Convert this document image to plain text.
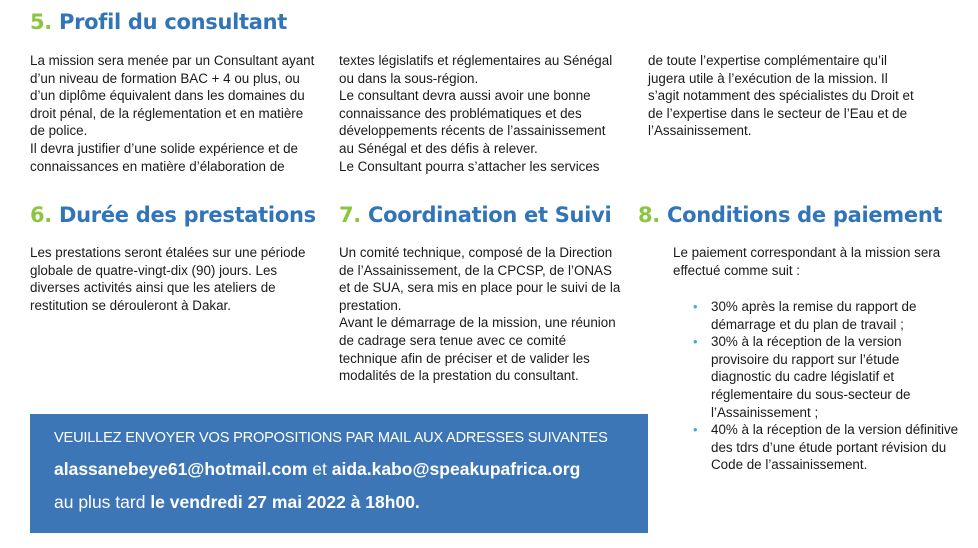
5. Profil du consultant

La mission sera menée par un Consultant ayant
d’un niveau de formation BAC + 4 ou plus, ou
d’un diplôme équivalent dans les domaines du
droit pénal, de la réglementation et en matière
de police.
Il devra justifier d’une solide expérience et de
connaissances en matière d’élaboration de

textes législatifs et réglementaires au Sénégal
ou dans la sous-région.
Le consultant devra aussi avoir une bonne
connaissance des problématiques et des
développements récents de l’assainissement
au Sénégal et des défis à relever.
Le Consultant pourra s’attacher les services

de toute l’expertise complémentaire qu’il
jugera utile à l’exécution de la mission. Il
s’agit notamment des spécialistes du Droit et
de l’expertise dans le secteur de l’Eau et de
l’Assainissement.

6. Durée des prestations

Les prestations seront étalées sur une période
globale de quatre-vingt-dix (90) jours. Les
diverses activités ainsi que les ateliers de
restitution se dérouleront à Dakar.

7. Coordination et Suivi

Un comité technique, composé de la Direction
de l’Assainissement, de la CPCSP, de l’ONAS
et de SUA, sera mis en place pour le suivi de la
prestation.
Avant le démarrage de la mission, une réunion
de cadrage sera tenue avec ce comité
technique afin de préciser et de valider les
modalités de la prestation du consultant.

8. Conditions de paiement

Le paiement correspondant à la mission sera
effectué comme suit :

• 30% après la remise du rapport de
démarrage et du plan de travail ;
• 30% à la réception de la version
provisoire du rapport sur l’étude
diagnostic du cadre législatif et
réglementaire du sous-secteur de
l’Assainissement ;
• 40% à la réception de la version définitive
des tdrs d’une étude portant révision du
Code de l’assainissement.
VEUILLEZ ENVOYER VOS PROPOSITIONS PAR MAIL AUX ADRESSES SUIVANTES
alassanebeye61@hotmail.com et aida.kabo@speakupafrica.org
au plus tard le vendredi 27 mai 2022 à 18h00.
